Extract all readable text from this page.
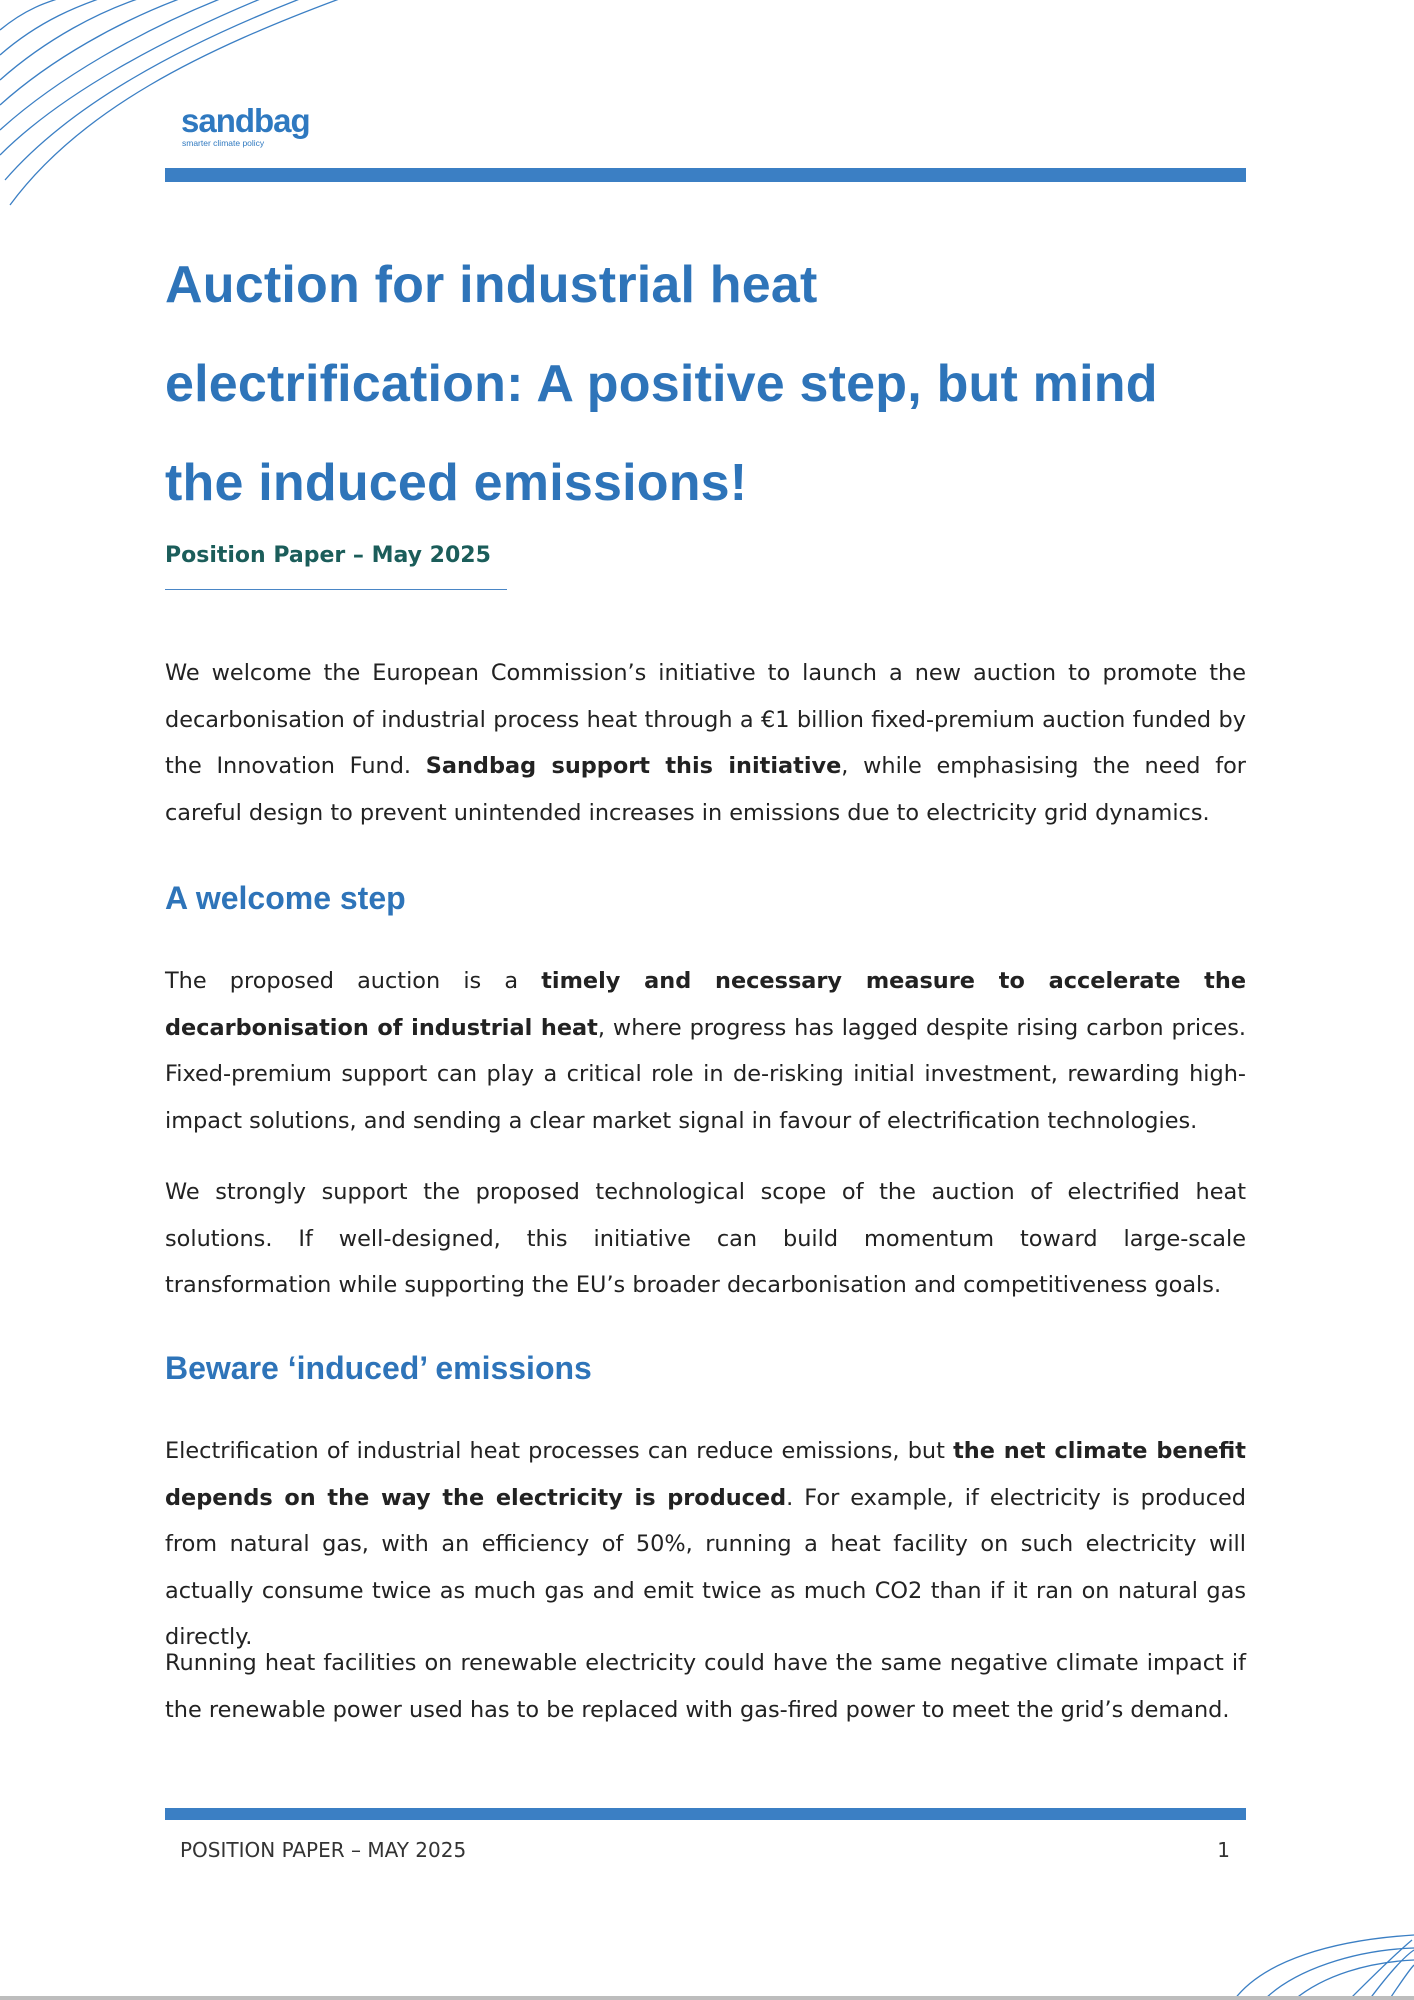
sandbag
smarter climate policy
Auction for industrial heat electrification: A positive step, but mind the induced emissions!

Position Paper – May 2025

We welcome the European Commission’s initiative to launch a new auction to promote the decarbonisation of industrial process heat through a €1 billion fixed-premium auction funded by the Innovation Fund. Sandbag support this initiative, while emphasising the need for careful design to prevent unintended increases in emissions due to electricity grid dynamics.

A welcome step

The proposed auction is a timely and necessary measure to accelerate the decarbonisation of industrial heat, where progress has lagged despite rising carbon prices. Fixed-premium support can play a critical role in de-risking initial investment, rewarding high-impact solutions, and sending a clear market signal in favour of electrification technologies.

We strongly support the proposed technological scope of the auction of electrified heat solutions. If well-designed, this initiative can build momentum toward large-scale transformation while supporting the EU’s broader decarbonisation and competitiveness goals.

Beware ‘induced’ emissions

Electrification of industrial heat processes can reduce emissions, but the net climate benefit depends on the way the electricity is produced. For example, if electricity is produced from natural gas, with an efficiency of 50%, running a heat facility on such electricity will actually consume twice as much gas and emit twice as much CO2 than if it ran on natural gas directly.

Running heat facilities on renewable electricity could have the same negative climate impact if the renewable power used has to be replaced with gas-fired power to meet the grid’s demand.

POSITION PAPER – MAY 2025	1
